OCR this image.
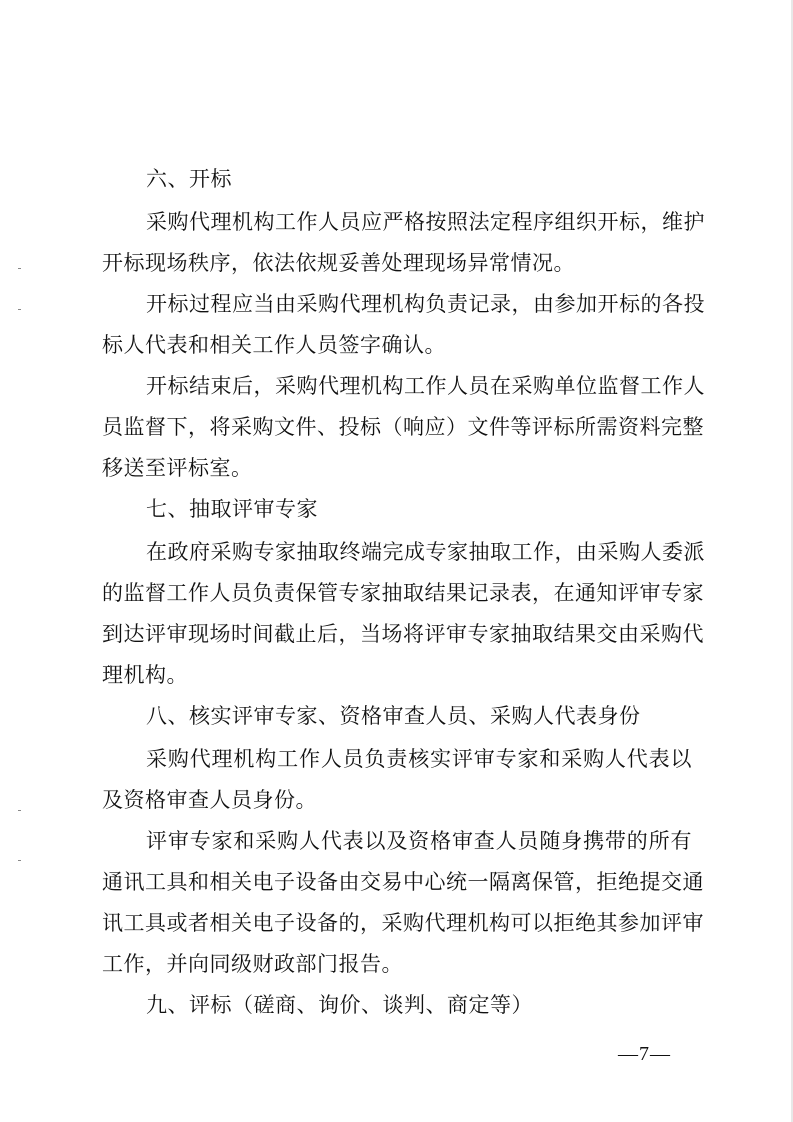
六、开标
采购代理机构工作人员应严格按照法定程序组织开标，维护
开标现场秩序，依法依规妥善处理现场异常情况。
开标过程应当由采购代理机构负责记录，由参加开标的各投
标人代表和相关工作人员签字确认。
开标结束后，采购代理机构工作人员在采购单位监督工作人
员监督下，将采购文件、投标（响应）文件等评标所需资料完整
移送至评标室。
七、抽取评审专家
在政府采购专家抽取终端完成专家抽取工作，由采购人委派
的监督工作人员负责保管专家抽取结果记录表，在通知评审专家
到达评审现场时间截止后，当场将评审专家抽取结果交由采购代
理机构。
八、核实评审专家、资格审查人员、采购人代表身份
采购代理机构工作人员负责核实评审专家和采购人代表以
及资格审查人员身份。
评审专家和采购人代表以及资格审查人员随身携带的所有
通讯工具和相关电子设备由交易中心统一隔离保管，拒绝提交通
讯工具或者相关电子设备的，采购代理机构可以拒绝其参加评审
工作，并向同级财政部门报告。
九、评标（磋商、询价、谈判、商定等）
—7—
